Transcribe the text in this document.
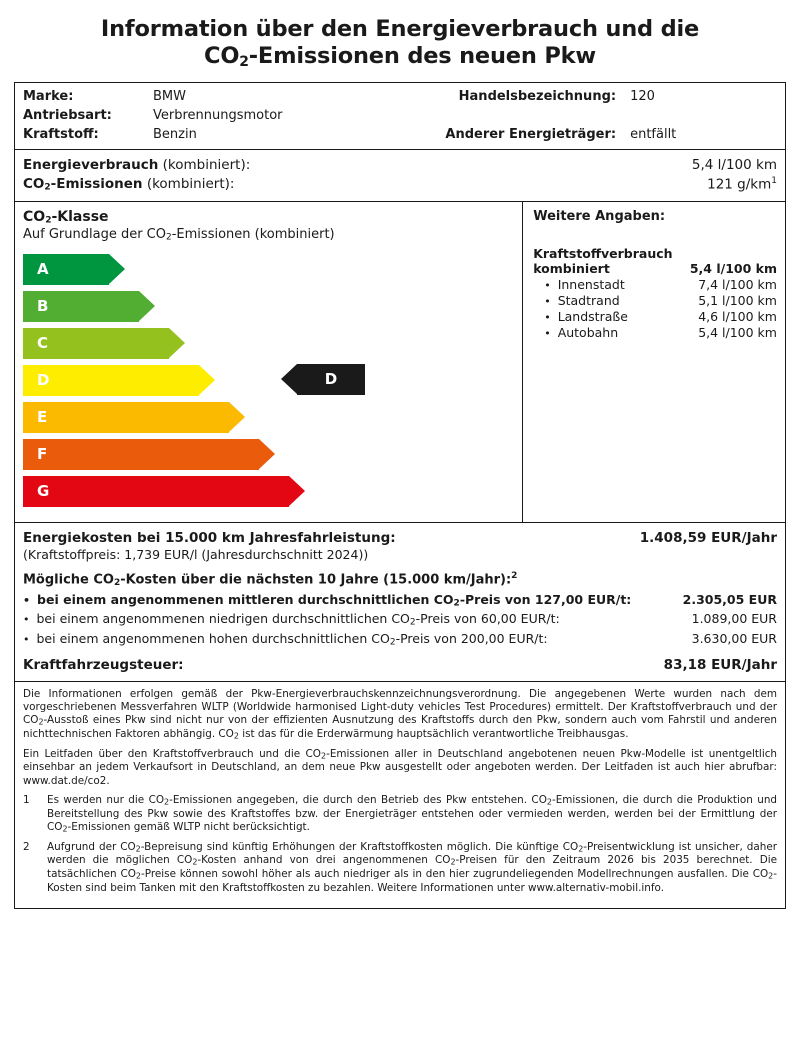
Information über den Energieverbrauch und die
$CO_2$-Emissionen des neuen Pkw
Marke:	BMW
Antriebsart:	Verbrennungsmotor
Kraftstoff:	Benzin
Handelsbezeichnung:	120
Anderer Energieträger:	entfällt
Energieverbrauch (kombiniert):	5,4 l/100 km
CO2-Emissionen (kombiniert):	121 g/km$^1$
CO2-Klasse
Auf Grundlage der CO2-Emissionen (kombiniert)
A
B
C
D	D
E
F
G
Weitere Angaben:
Kraftstoffverbrauch
kombiniert	5,4 l/100 km
• Innenstadt	7,4 l/100 km
• Stadtrand	5,1 l/100 km
• Landstraße	4,6 l/100 km
• Autobahn	5,4 l/100 km
Energiekosten bei 15.000 km Jahresfahrleistung:	1.408,59 EUR/Jahr
(Kraftstoffpreis: 1,739 EUR/l (Jahresdurchschnitt 2024))
Mögliche CO2-Kosten über die nächsten 10 Jahre (15.000 km/Jahr):$^2$
• bei einem angenommenen mittleren durchschnittlichen CO2-Preis von 127,00 EUR/t:	2.305,05 EUR
• bei einem angenommenen niedrigen durchschnittlichen CO2-Preis von 60,00 EUR/t:	1.089,00 EUR
• bei einem angenommenen hohen durchschnittlichen CO2-Preis von 200,00 EUR/t:	3.630,00 EUR
Kraftfahrzeugsteuer:	83,18 EUR/Jahr

Die Informationen erfolgen gemäß der Pkw-Energieverbrauchskennzeichnungsverordnung. Die angegebenen Werte wurden nach dem vorgeschriebenen Messverfahren WLTP (Worldwide harmonised Light-duty vehicles Test Procedures) ermittelt. Der Kraftstoffverbrauch und der CO2-Ausstoß eines Pkw sind nicht nur von der effizienten Ausnutzung des Kraftstoffs durch den Pkw, sondern auch vom Fahrstil und anderen nichttechnischen Faktoren abhängig. CO2 ist das für die Erderwärmung hauptsächlich verantwortliche Treibhausgas.

Ein Leitfaden über den Kraftstoffverbrauch und die CO2-Emissionen aller in Deutschland angebotenen neuen Pkw-Modelle ist unentgeltlich einsehbar an jedem Verkaufsort in Deutschland, an dem neue Pkw ausgestellt oder angeboten werden. Der Leitfaden ist auch hier abrufbar: www.dat.de/co2.

1	Es werden nur die CO2-Emissionen angegeben, die durch den Betrieb des Pkw entstehen. CO2-Emissionen, die durch die Produktion und Bereitstellung des Pkw sowie des Kraftstoffes bzw. der Energieträger entstehen oder vermieden werden, werden bei der Ermittlung der CO2-Emissionen gemäß WLTP nicht berücksichtigt.
2	Aufgrund der CO2-Bepreisung sind künftig Erhöhungen der Kraftstoffkosten möglich. Die künftige CO2-Preisentwicklung ist unsicher, daher werden die möglichen CO2-Kosten anhand von drei angenommenen CO2-Preisen für den Zeitraum 2026 bis 2035 berechnet. Die tatsächlichen CO2-Preise können sowohl höher als auch niedriger als in den hier zugrundeliegenden Modellrechnungen ausfallen. Die CO2-Kosten sind beim Tanken mit den Kraftstoffkosten zu bezahlen. Weitere Informationen unter www.alternativ-mobil.info.
